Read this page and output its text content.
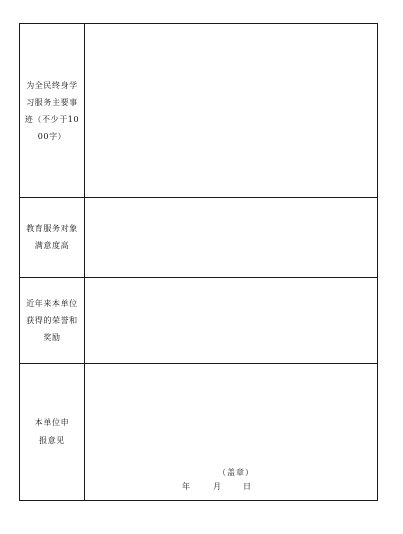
为全民终身学习服务主要事迹（不少于1000字）	
教育服务对象满意度高	
近年来本单位获得的荣誉和奖励	
本单位申报意见	（盖章）
年 月 日
